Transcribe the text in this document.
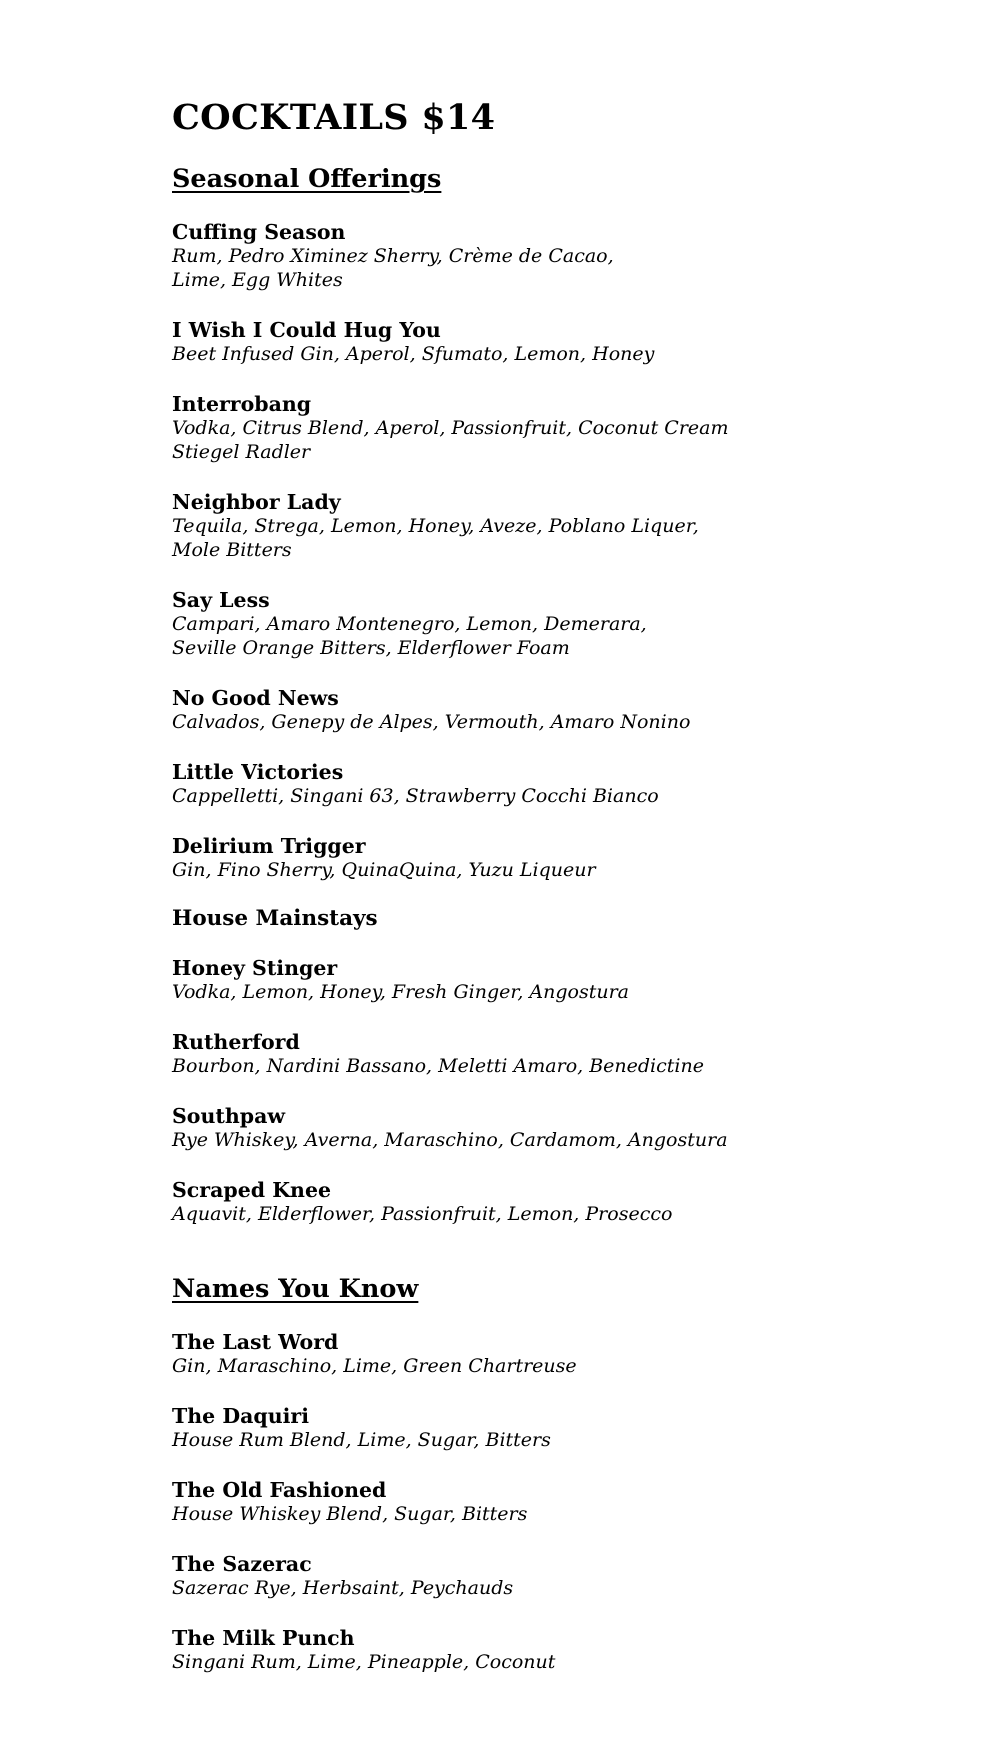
COCKTAILS $14
Seasonal Offerings
Cuffing Season
Rum, Pedro Ximinez Sherry, Crème de Cacao,
Lime, Egg Whites
I Wish I Could Hug You
Beet Infused Gin, Aperol, Sfumato, Lemon, Honey
Interrobang
Vodka, Citrus Blend, Aperol, Passionfruit, Coconut Cream
Stiegel Radler
Neighbor Lady
Tequila, Strega, Lemon, Honey, Aveze, Poblano Liquer,
Mole Bitters
Say Less
Campari, Amaro Montenegro, Lemon, Demerara,
Seville Orange Bitters, Elderflower Foam
No Good News
Calvados, Genepy de Alpes, Vermouth, Amaro Nonino
Little Victories
Cappelletti, Singani 63, Strawberry Cocchi Bianco
Delirium Trigger
Gin, Fino Sherry, QuinaQuina, Yuzu Liqueur
House Mainstays
Honey Stinger
Vodka, Lemon, Honey, Fresh Ginger, Angostura
Rutherford
Bourbon, Nardini Bassano, Meletti Amaro, Benedictine
Southpaw
Rye Whiskey, Averna, Maraschino, Cardamom, Angostura
Scraped Knee
Aquavit, Elderflower, Passionfruit, Lemon, Prosecco
Names You Know
The Last Word
Gin, Maraschino, Lime, Green Chartreuse
The Daquiri
House Rum Blend, Lime, Sugar, Bitters
The Old Fashioned
House Whiskey Blend, Sugar, Bitters
The Sazerac
Sazerac Rye, Herbsaint, Peychauds
The Milk Punch
Singani Rum, Lime, Pineapple, Coconut
